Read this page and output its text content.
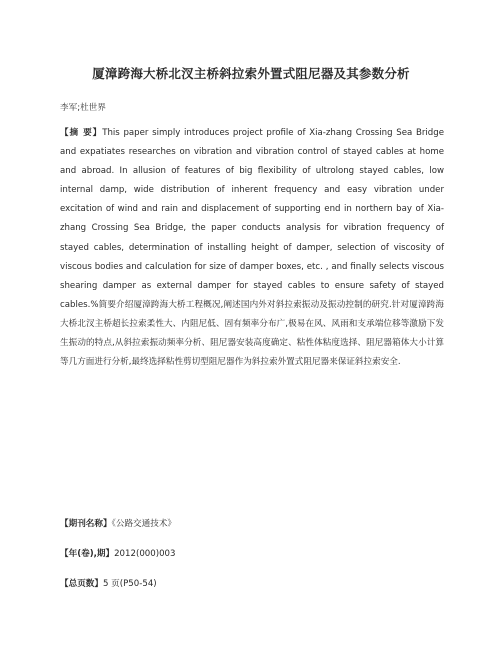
厦漳跨海大桥北汊主桥斜拉索外置式阻尼器及其参数分析
李军;杜世界

【摘 要】This paper simply introduces project profile of Xia-zhang Crossing Sea Bridge and expatiates researches on vibration and vibration control of stayed cables at home and abroad. In allusion of features of big flexibility of ultrolong stayed cables, low internal damp, wide distribution of inherent frequency and easy vibration under excitation of wind and rain and displacement of supporting end in northern bay of Xia-zhang Crossing Sea Bridge, the paper conducts analysis for vibration frequency of stayed cables, determination of installing height of damper, selection of viscosity of viscous bodies and calculation for size of damper boxes, etc. , and finally selects viscous shearing damper as external damper for stayed cables to ensure safety of stayed cables.%简要介绍厦漳跨海大桥工程概况,阐述国内外对斜拉索振动及振动控制的研究.针对厦漳跨海大桥北汊主桥超长拉索柔性大、内阻尼低、固有频率分布广,极易在风、风雨和支承端位移等激励下发生振动的特点,从斜拉索振动频率分析、阻尼器安装高度确定、粘性体粘度选择、阻尼器箱体大小计算等几方面进行分析,最终选择粘性剪切型阻尼器作为斜拉索外置式阻尼器来保证斜拉索安全.

【期刊名称】《公路交通技术》
【年(卷),期】2012(000)003
【总页数】5 页(P50-54)
